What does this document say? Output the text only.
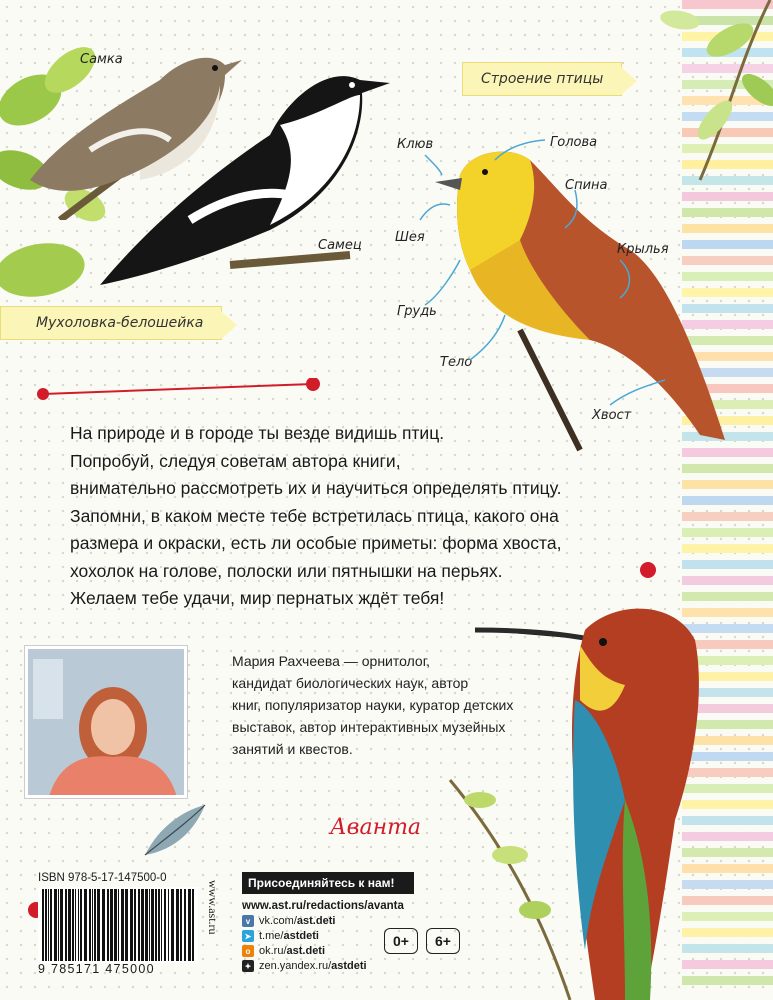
Самка
Самец
Мухоловка-белошейка
Строение птицы
Клюв	Голова
Спина
Шея
Крылья
Грудь
Тело
Хвост

На природе и в городе ты везде видишь птиц.

Попробуй, следуя советам автора книги,

внимательно рассмотреть их и научиться определять птицу.

Запомни, в каком месте тебе встретилась птица, какого она

размера и окраски, есть ли особые приметы: форма хвоста,

хохолок на голове, полоски или пятнышки на перьях.

Желаем тебе удачи, мир пернатых ждёт тебя!

Мария Рахчеева — орнитолог,

кандидат биологических наук, автор

книг, популяризатор науки, куратор детских

выставок, автор интерактивных музейных

занятий и квестов.

Аванта
ISBN 978-5-17-147500-0
9 785171 475000
www.ast.ru	Присоединяйтесь к нам!
www.ast.ru/redactions/avanta
v vk.com/ ast.deti
➤ t.me/ astdeti
o ok.ru/ ast.deti
✦ zen.yandex.ru/ astdeti
0+	6+
